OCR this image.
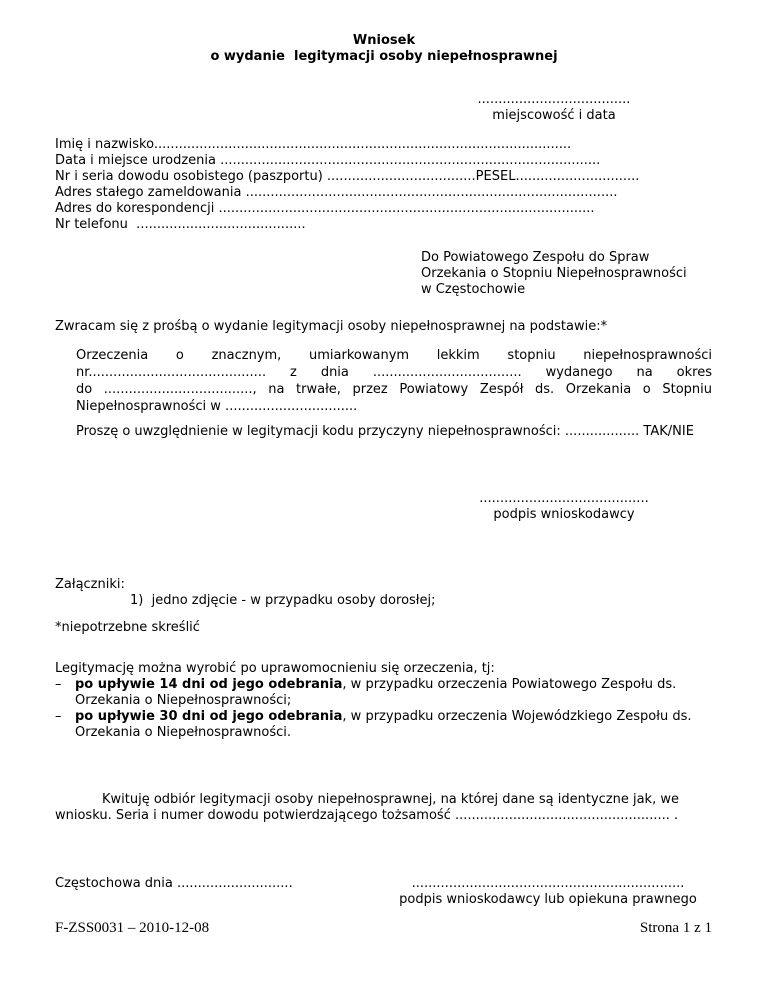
Wniosek
o wydanie  legitymacji osoby niepełnosprawnej
.....................................
miejscowość i data
Imię i nazwisko.....................................................................................................
Data i miejsce urodzenia ............................................................................................
Nr i seria dowodu osobistego (paszportu) ....................................PESEL..............................
Adres stałego zameldowania ..........................................................................................
Adres do korespondencji ...........................................................................................
Nr telefonu  .........................................
Do Powiatowego Zespołu do Spraw
Orzekania o Stopniu Niepełnosprawności
w Częstochowie
Zwracam się z prośbą o wydanie legitymacji osoby niepełnosprawnej na podstawie:*
Orzeczenia o znacznym, umiarkowanym lekkim stopniu niepełnosprawności
nr........................................... z dnia .................................... wydanego na okres
do ...................................., na trwałe, przez Powiatowy Zespół ds. Orzekania o Stopniu
Niepełnosprawności w ................................
Proszę o uwzględnienie w legitymacji kodu przyczyny niepełnosprawności: .................. TAK/NIE
.........................................
podpis wnioskodawcy
Załączniki:
1)  jedno zdjęcie - w przypadku osoby dorosłej;
*niepotrzebne skreślić
Legitymację można wyrobić po uprawomocnieniu się orzeczenia, tj:
– po upływie 14 dni od jego odebrania, w przypadku orzeczenia Powiatowego Zespołu ds.
Orzekania o Niepełnosprawności;
– po upływie 30 dni od jego odebrania, w przypadku orzeczenia Wojewódzkiego Zespołu ds.
Orzekania o Niepełnosprawności.
Kwituję odbiór legitymacji osoby niepełnosprawnej, na której dane są identyczne jak, we
wniosku. Seria i numer dowodu potwierdzającego tożsamość .................................................... .
Częstochowa dnia ............................	..................................................................
podpis wnioskodawcy lub opiekuna prawnego
F-ZSS0031 – 2010-12-08	Strona 1 z 1
